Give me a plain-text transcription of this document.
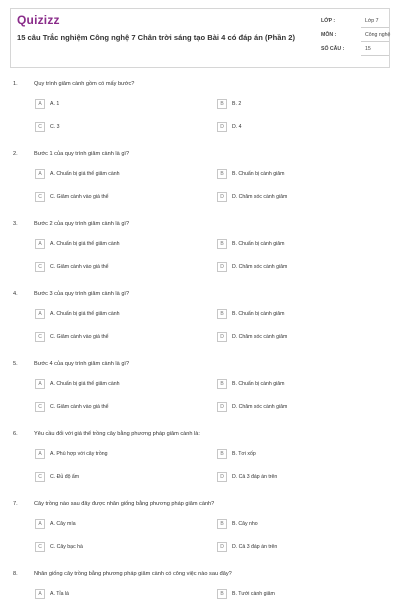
Quizizz
15 câu Trắc nghiệm Công nghệ 7 Chân trời sáng tạo Bài 4 có đáp án (Phần 2)
LỚP :	Lớp 7
MÔN :	Công nghệ
SỐ CÂU :	15
1.	Quy trình giâm cành gồm có mấy bước?
A	A. 1	B	B. 2
C	C. 3	D	D. 4
2.	Bước 1 của quy trình giâm cành là gì?
A	A. Chuẩn bị giá thể giâm cành	B	B. Chuẩn bị cành giâm
C	C. Giâm cành vào giá thể	D	D. Chăm sóc cành giâm
3.	Bước 2 của quy trình giâm cành là gì?
A	A. Chuẩn bị giá thể giâm cành	B	B. Chuẩn bị cành giâm
C	C. Giâm cành vào giá thể	D	D. Chăm sóc cành giâm
4.	Bước 3 của quy trình giâm cành là gì?
A	A. Chuẩn bị giá thể giâm cành	B	B. Chuẩn bị cành giâm
C	C. Giâm cành vào giá thể	D	D. Chăm sóc cành giâm
5.	Bước 4 của quy trình giâm cành là gì?
A	A. Chuẩn bị giá thể giâm cành	B	B. Chuẩn bị cành giâm
C	C. Giâm cành vào giá thể	D	D. Chăm sóc cành giâm
6.	Yêu cầu đối với giá thể trồng cây bằng phương pháp giâm cành là:
A	A. Phù hợp với cây trồng	B	B. Tơi xốp
C	C. Đủ độ ẩm	D	D. Cả 3 đáp án trên
7.	Cây trồng nào sau đây được nhân giống bằng phương pháp giâm cành?
A	A. Cây mía	B	B. Cây nho
C	C. Cây bạc hà	D	D. Cả 3 đáp án trên
8.	Nhân giống cây trồng bằng phương pháp giâm cành có công việc nào sau đây?
A	A. Tỉa lá	B	B. Tưới cành giâm
